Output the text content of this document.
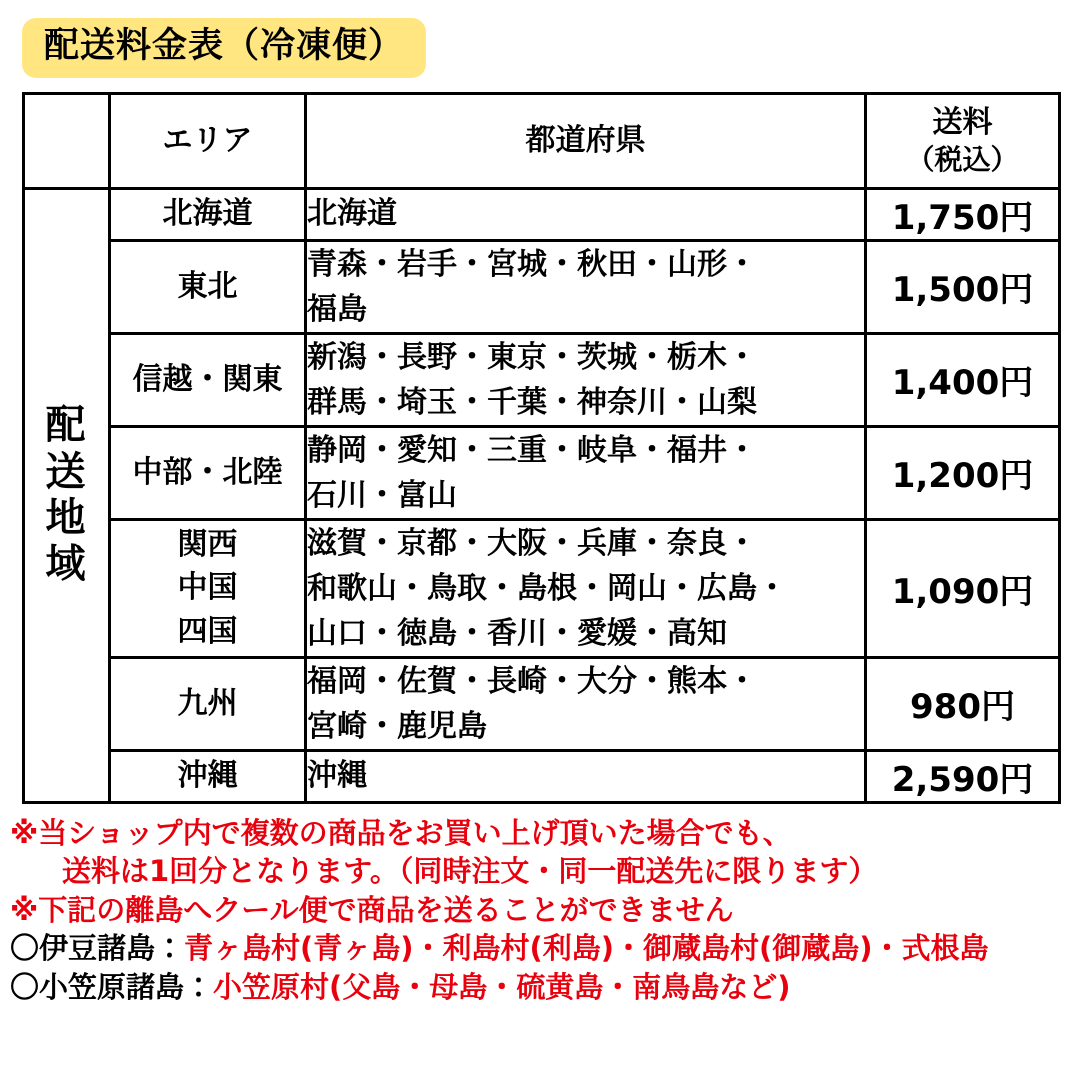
配送料金表（冷凍便）
	エリア	都道府県	送料
（税込）

配
送
地
域	北海道	北海道	1,750円

	東北	青森・岩手・宮城・秋田・山形・
福島	1,500円

	信越・関東	新潟・長野・東京・茨城・栃木・
群馬・埼玉・千葉・神奈川・山梨	1,400円

	中部・北陸	静岡・愛知・三重・岐阜・福井・
石川・富山	1,200円

	関西
中国
四国	滋賀・京都・大阪・兵庫・奈良・
和歌山・鳥取・島根・岡山・広島・
山口・徳島・香川・愛媛・高知	1,090円

	九州	福岡・佐賀・長崎・大分・熊本・
宮崎・鹿児島	980円

	沖縄	沖縄	2,590円
※当ショップ内で複数の商品をお買い上げ頂いた場合でも、
送料は1回分となります。（同時注文・同一配送先に限ります）
※下記の離島へクール便で商品を送ることができません
〇伊豆諸島：青ヶ島村(青ヶ島)・利島村(利島)・御蔵島村(御蔵島)・式根島
〇小笠原諸島：小笠原村(父島・母島・硫黄島・南鳥島など)
